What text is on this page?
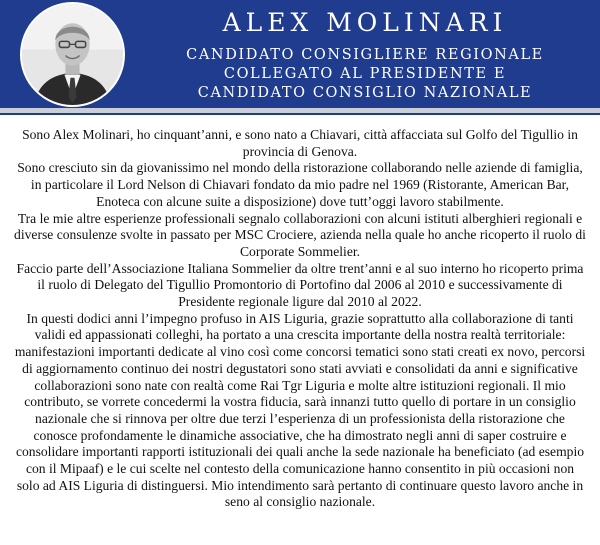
ALEX MOLINARI
CANDIDATO CONSIGLIERE REGIONALE
COLLEGATO AL PRESIDENTE E
CANDIDATO CONSIGLIO NAZIONALE

Sono Alex Molinari, ho cinquant’anni, e sono nato a Chiavari, città affacciata sul Golfo del Tigullio in provincia di Genova.

Sono cresciuto sin da giovanissimo nel mondo della ristorazione collaborando nelle aziende di famiglia, in particolare il Lord Nelson di Chiavari fondato da mio padre nel 1969 (Ristorante, American Bar, Enoteca con alcune suite a disposizione) dove tutt’oggi lavoro stabilmente.

Tra le mie altre esperienze professionali segnalo collaborazioni con alcuni istituti alberghieri regionali e diverse consulenze svolte in passato per MSC Crociere, azienda nella quale ho anche ricoperto il ruolo di Corporate Sommelier.

Faccio parte dell’Associazione Italiana Sommelier da oltre trent’anni e al suo interno ho ricoperto prima il ruolo di Delegato del Tigullio Promontorio di Portofino dal 2006 al 2010 e successivamente di Presidente regionale ligure dal 2010 al 2022.

In questi dodici anni l’impegno profuso in AIS Liguria, grazie soprattutto alla collaborazione di tanti validi ed appassionati colleghi, ha portato a una crescita importante della nostra realtà territoriale: manifestazioni importanti dedicate al vino così come concorsi tematici sono stati creati ex novo, percorsi di aggiornamento continuo dei nostri degustatori sono stati avviati e consolidati da anni e significative collaborazioni sono nate con realtà come Rai Tgr Liguria e molte altre istituzioni regionali. Il mio contributo, se vorrete concedermi la vostra fiducia, sarà innanzi tutto quello di portare in un consiglio nazionale che si rinnova per oltre due terzi l’esperienza di un professionista della ristorazione che conosce profondamente le dinamiche associative, che ha dimostrato negli anni di saper costruire e consolidare importanti rapporti istituzionali dei quali anche la sede nazionale ha beneficiato (ad esempio con il Mipaaf) e le cui scelte nel contesto della comunicazione hanno consentito in più occasioni non solo ad AIS Liguria di distinguersi. Mio intendimento sarà pertanto di continuare questo lavoro anche in seno al consiglio nazionale.
